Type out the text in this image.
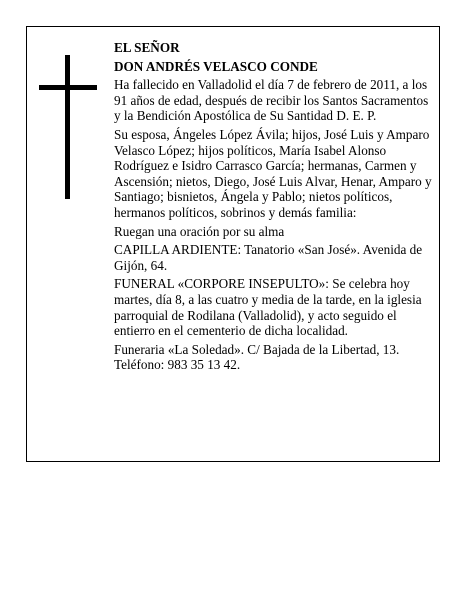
EL SEÑOR

DON ANDRÉS VELASCO CONDE

Ha fallecido en Valladolid el día 7 de febrero de 2011, a los 91 años de edad, después de recibir los Santos Sacramentos y la Bendición Apostólica de Su Santidad D. E. P.

Su esposa, Ángeles López Ávila; hijos, José Luis y Amparo Velasco López; hijos políticos, María Isabel Alonso Rodríguez e Isidro Carrasco García; hermanas, Carmen y Ascensión; nietos, Diego, José Luis Alvar, Henar, Amparo y Santiago; bisnietos, Ángela y Pablo; nietos políticos, hermanos políticos, sobrinos y demás familia:

Ruegan una oración por su alma

CAPILLA ARDIENTE: Tanatorio «San José». Avenida de Gijón, 64.

FUNERAL «CORPORE INSEPULTO»: Se celebra hoy martes, día 8, a las cuatro y media de la tarde, en la iglesia parroquial de Rodilana (Valladolid), y acto seguido el entierro en el cementerio de dicha localidad.

Funeraria «La Soledad». C/ Bajada de la Libertad, 13. Teléfono: 983 35 13 42.
